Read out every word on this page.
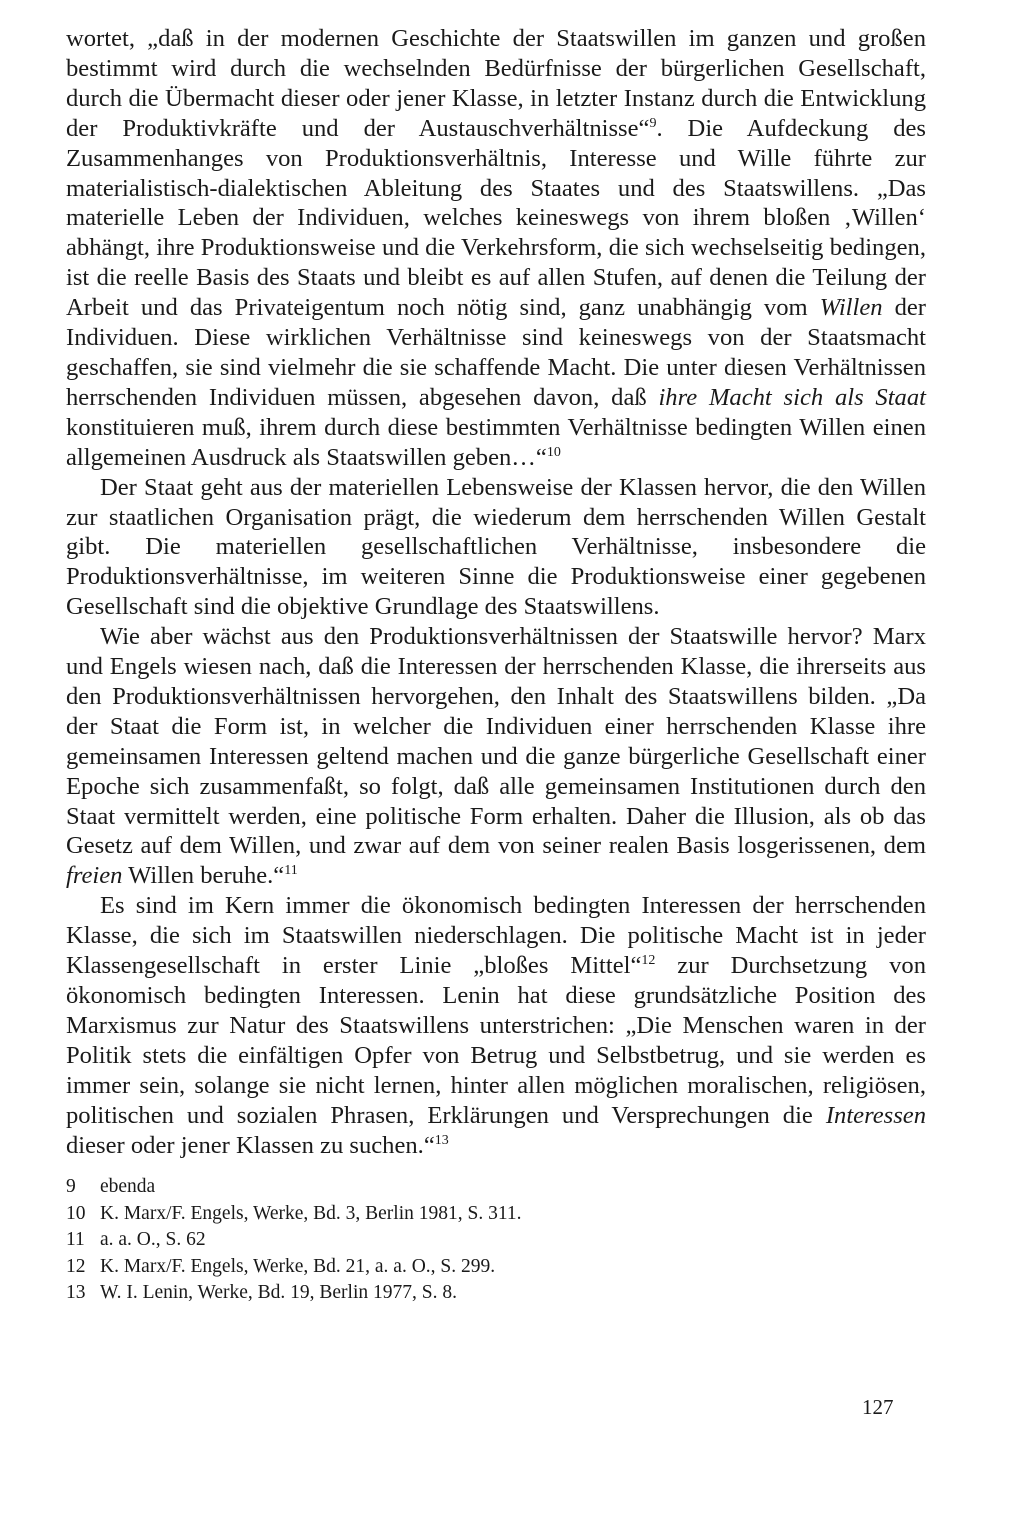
wortet, „daß in der modernen Geschichte der Staatswillen im ganzen und großen bestimmt wird durch die wechselnden Bedürfnisse der bürgerlichen Gesellschaft, durch die Übermacht dieser oder jener Klasse, in letzter Instanz durch die Entwicklung der Produktivkräfte und der Austauschverhältnisse“$^9$. Die Aufdeckung des Zusammenhanges von Produktionsverhältnis, Interesse und Wille führte zur materialistisch-dialektischen Ableitung des Staates und des Staatswillens. „Das materielle Leben der Individuen, welches keineswegs von ihrem bloßen ‚Willen‘ abhängt, ihre Produktionsweise und die Verkehrsform, die sich wechselseitig bedingen, ist die reelle Basis des Staats und bleibt es auf allen Stufen, auf denen die Teilung der Arbeit und das Privateigentum noch nötig sind, ganz unabhängig vom Willen der Individuen. Diese wirklichen Verhältnisse sind keineswegs von der Staatsmacht geschaffen, sie sind vielmehr die sie schaffende Macht. Die unter diesen Verhältnissen herrschenden Individuen müssen, abgesehen davon, daß ihre Macht sich als Staat konstituieren muß, ihrem durch diese bestimmten Verhältnisse bedingten Willen einen allgemeinen Ausdruck als Staatswillen geben…“$^{10}$

Der Staat geht aus der materiellen Lebensweise der Klassen hervor, die den Willen zur staatlichen Organisation prägt, die wiederum dem herrschenden Willen Gestalt gibt. Die materiellen gesellschaftlichen Verhältnisse, insbesondere die Produktionsverhältnisse, im weiteren Sinne die Produktionsweise einer gegebenen Gesellschaft sind die objektive Grundlage des Staatswillens.

Wie aber wächst aus den Produktionsverhältnissen der Staatswille hervor? Marx und Engels wiesen nach, daß die Interessen der herrschenden Klasse, die ihrerseits aus den Produktionsverhältnissen hervorgehen, den Inhalt des Staatswillens bilden. „Da der Staat die Form ist, in welcher die Individuen einer herrschenden Klasse ihre gemeinsamen Interessen geltend machen und die ganze bürgerliche Gesellschaft einer Epoche sich zusammenfaßt, so folgt, daß alle gemeinsamen Institutionen durch den Staat vermittelt werden, eine politische Form erhalten. Daher die Illusion, als ob das Gesetz auf dem Willen, und zwar auf dem von seiner realen Basis losgerissenen, dem freien Willen beruhe.“$^{11}$

Es sind im Kern immer die ökonomisch bedingten Interessen der herrschenden Klasse, die sich im Staatswillen niederschlagen. Die politische Macht ist in jeder Klassengesellschaft in erster Linie „bloßes Mittel“$^{12}$ zur Durchsetzung von ökonomisch bedingten Interessen. Lenin hat diese grundsätzliche Position des Marxismus zur Natur des Staatswillens unterstrichen: „Die Menschen waren in der Politik stets die einfältigen Opfer von Betrug und Selbstbetrug, und sie werden es immer sein, solange sie nicht lernen, hinter allen möglichen moralischen, religiösen, politischen und sozialen Phrasen, Erklärungen und Versprechungen die Interessen dieser oder jener Klassen zu suchen.“$^{13}$

9	ebenda
10 K. Marx/F. Engels, Werke, Bd. 3, Berlin 1981, S. 311.
11 a. a. O., S. 62
12 K. Marx/F. Engels, Werke, Bd. 21, a. a. O., S. 299.
13 W. I. Lenin, Werke, Bd. 19, Berlin 1977, S. 8.
127
